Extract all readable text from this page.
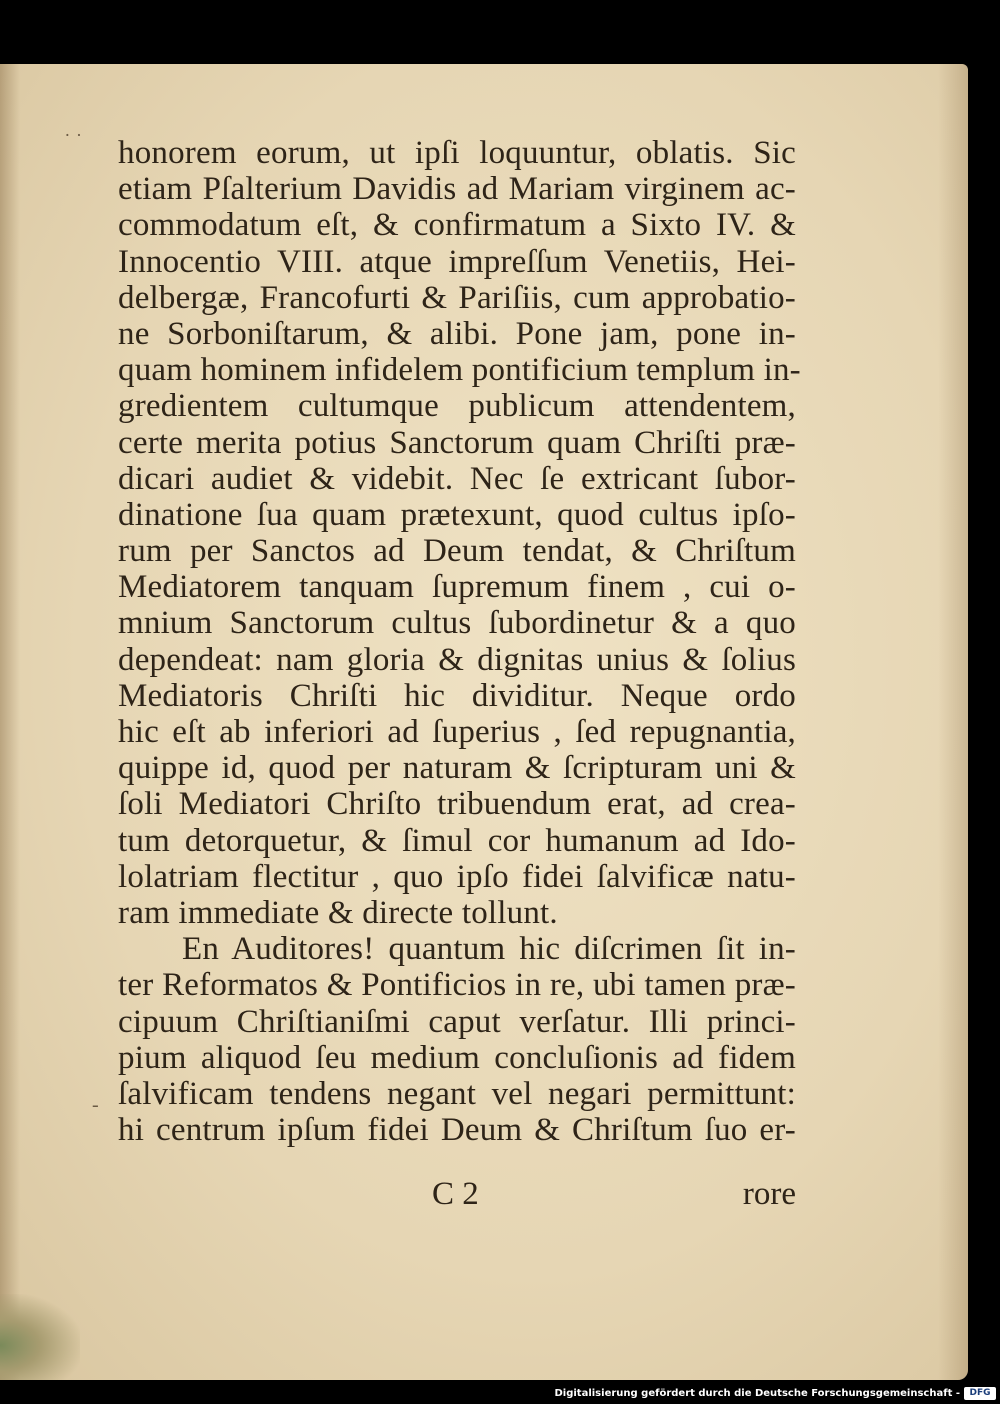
˙ ˙
-
honorem eorum, ut ipſi loquuntur, oblatis. Sic
etiam Pſalterium Davidis ad Mariam virginem ac-
commodatum eſt, & confirmatum a Sixto IV. &
Innocentio VIII. atque impreſſum Venetiis, Hei-
delbergæ, Francofurti & Pariſiis, cum approbatio-
ne Sorboniſtarum, & alibi. Pone jam, pone in-
quam hominem infidelem pontificium templum in-
gredientem cultumque publicum attendentem,
certe merita potius Sanctorum quam Chriſti præ-
dicari audiet & videbit. Nec ſe extricant ſubor-
dinatione ſua quam prætexunt, quod cultus ipſo-
rum per Sanctos ad Deum tendat, & Chriſtum
Mediatorem tanquam ſupremum finem , cui o-
mnium Sanctorum cultus ſubordinetur & a quo
dependeat: nam gloria & dignitas unius & ſolius
Mediatoris Chriſti hic dividitur. Neque ordo
hic eſt ab inferiori ad ſuperius , ſed repugnantia,
quippe id, quod per naturam & ſcripturam uni &
ſoli Mediatori Chriſto tribuendum erat, ad crea-
tum detorquetur, & ſimul cor humanum ad Ido-
lolatriam flectitur , quo ipſo fidei ſalvificæ natu-
ram immediate & directe tollunt.
En Auditores! quantum hic diſcrimen ſit in-
ter Reformatos & Pontificios in re, ubi tamen præ-
cipuum Chriſtianiſmi caput verſatur. Illi princi-
pium aliquod ſeu medium concluſionis ad fidem
ſalvificam tendens negant vel negari permittunt:
hi centrum ipſum fidei Deum & Chriſtum ſuo er-
C 2	rore
Digitalisierung gefördert durch die Deutsche Forschungsgemeinschaft -	DFG
